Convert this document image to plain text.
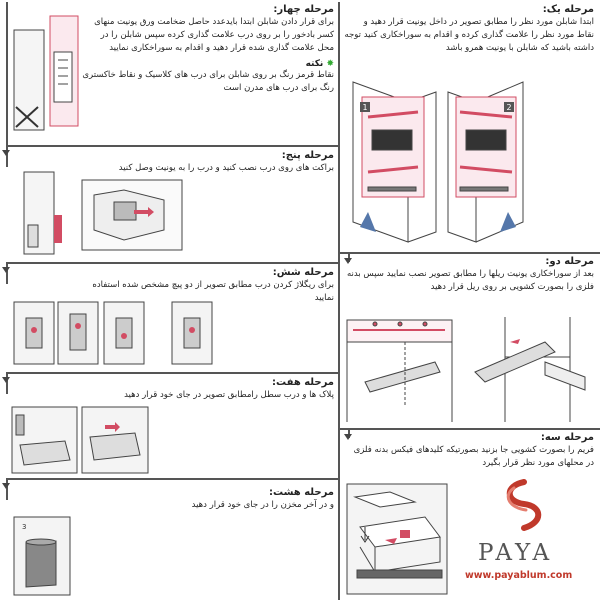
مرحله یک:

ابتدا شابلن مورد نظر را مطابق تصویر در داخل یونیت قرار دهید و نقاط مورد نظر را علامت گذاری کرده و اقدام به سوراخکاری کنید توجه داشته باشید که شابلن با یونیت همرو باشد

1	2
مرحله دو:

بعد از سوراخکاری یونیت ریلها را مطابق تصویر نصب نمایید سپس بدنه فلزی را بصورت کشویی بر روی ریل قرار دهید

مرحله سه:

فریم را بصورت کشویی جا بزنید بصورتیکه کلیدهای فیکس بدنه فلزی در محلهای مورد نظر قرار بگیرد

PAYA
www.payablum.com
مرحله چهار:

برای قرار دادن شابلن ابتدا بایدعدد حاصل ضخامت ورق یونیت منهای کسر بادخور را بر روی درب علامت گذاری کرده سپس شابلن را در محل علامت گذاری شده قرار دهید و اقدام به سوراخکاری نمایید

✸ نکته

نقاط قرمز رنگ بر روی شابلن برای درب های کلاسیک و نقاط خاکستری رنگ برای درب های مدرن است

مرحله پنج:

براکت های روی درب نصب کنید و درب را به یونیت وصل کنید

مرحله شش:

برای ریگلاژ کردن درب مطابق تصویر از دو پیچ مشخص شده استفاده نمایید

مرحله هفت:

پلاک ها و درب سطل رامطابق تصویر در جای خود قرار دهید

مرحله هشت:

و در آخر مخزن را در جای خود قرار دهید

3
